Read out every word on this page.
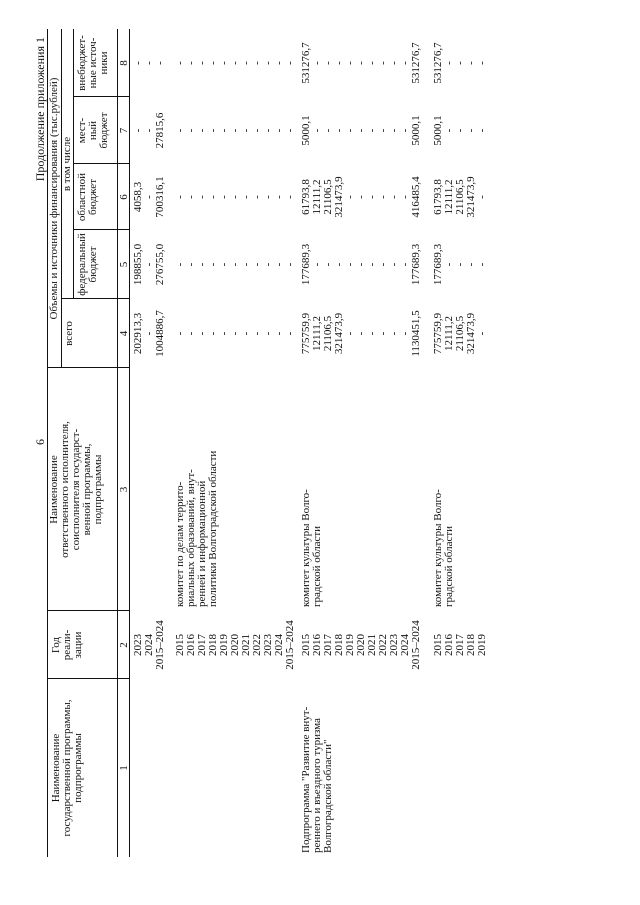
6
Продолжение приложения 1
Наименование
государственной программы,
подпрограммы
Год
реали-
зации
Наименование
ответственного исполнителя,
соисполнителя государст-
венной программы,
подпрограммы
Объемы и источники финансирования (тыс.рублей)
всего
в том числе
федеральный
бюджет
областной
бюджет
мест-
ный
бюджет
внебюджет-
ные источ-
ники
1
2
3
4
5
6
7
8
2023
2024
2015–2024
202913,3
-
1004886,7
198855,0
-
276755,0
4058,3
-
700316,1
-
-
27815,6
-
-
-
2015
2016
2017
2018
2019
2020
2021
2022
2023
2024
2015–2024
комитет по делам террито-
риальных образований, внут-
ренней и информационной
политики Волгоградской области
-
-
-
-
-
-
-
-
-
-
-
-
-
-
-
-
-
-
-
-
-
-
-
-
-
-
-
-
-
-
-
-
-
-
-
-
-
-
-
-
-
-
-
-
-
-
-
-
-
-
-
-
-
-
-
Подпрограмма "Развитие внут-
реннего и въездного туризма
Волгоградской области"
2015
2016
2017
2018
2019
2020
2021
2022
2023
2024
2015–2024
комитет культуры Волго-
градской области
775759,9
12111,2
21106,5
321473,9
-
-
-
-
-
-
1130451,5
177689,3
-
-
-
-
-
-
-
-
-
177689,3
61793,8
12111,2
21106,5
321473,9
-
-
-
-
-
-
416485,4
5000,1
-
-
-
-
-
-
-
-
-
5000,1
531276,7
-
-
-
-
-
-
-
-
-
531276,7
2015
2016
2017
2018
2019
комитет культуры Волго-
градской области
775759,9
12111,2
21106,5
321473,9
-
177689,3
-
-
-
-
61793,8
12111,2
21106,5
321473,9
-
5000,1
-
-
-
-
531276,7
-
-
-
-
